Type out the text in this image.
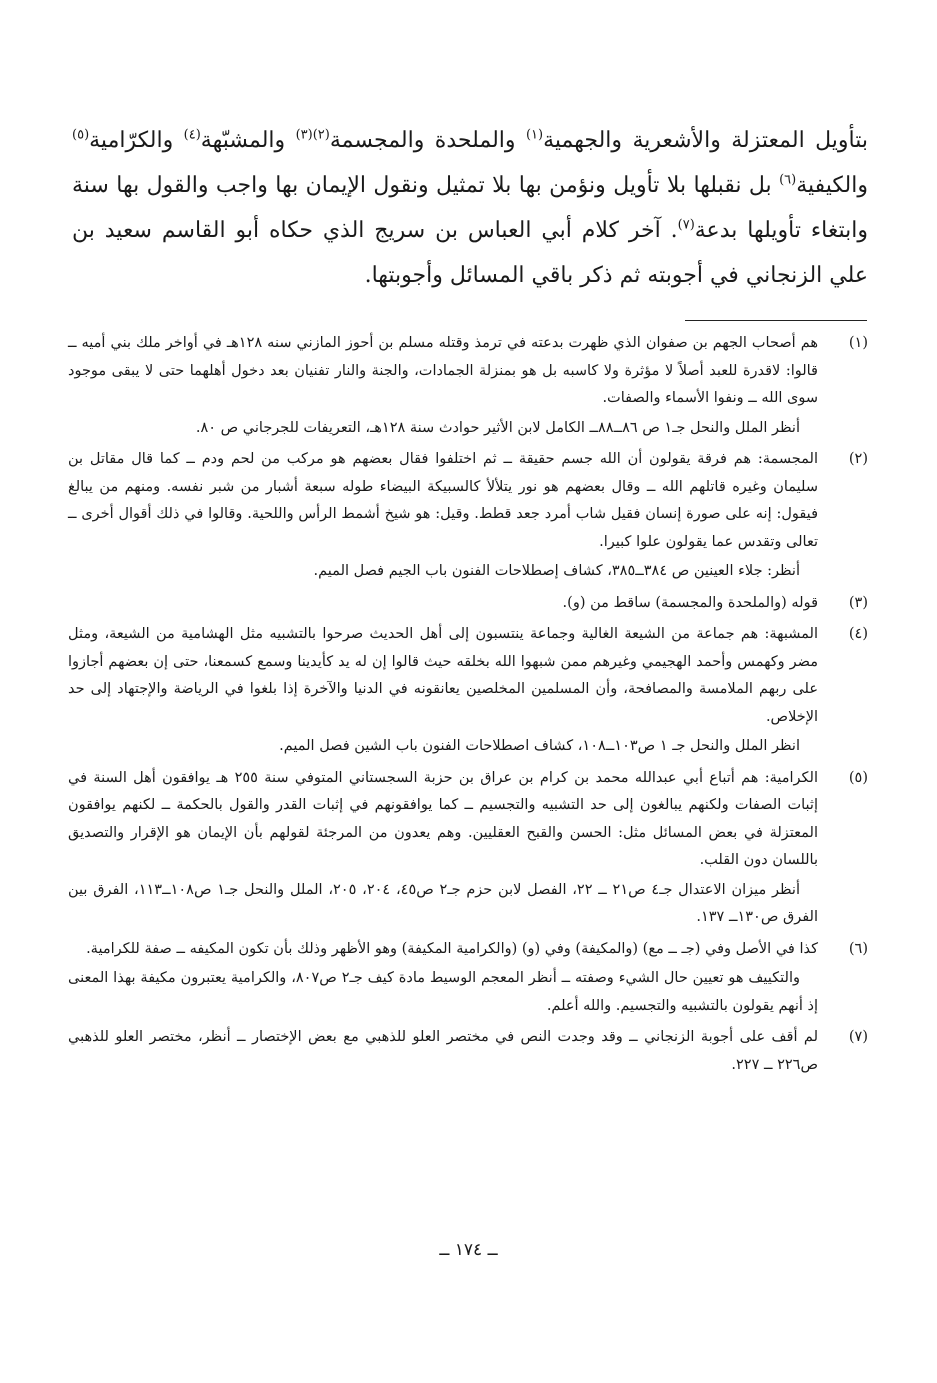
بتأويل المعتزلة والأشعرية والجهمية$^{(١)}$ والملحدة والمجسمة$^{(٢)(٣)}$ والمشبّهة$^{(٤)}$ والكرّامية$^{(٥)}$ والكيفية$^{(٦)}$ بل نقبلها بلا تأويل ونؤمن بها بلا تمثيل ونقول الإيمان بها واجب والقول بها سنة وابتغاء تأويلها بدعة$^{(٧)}$. آخر كلام أبي العباس بن سريج الذي حكاه أبو القاسم سعيد بن علي الزنجاني في أجوبته ثم ذكر باقي المسائل وأجوبتها.

(١)

هم أصحاب الجهم بن صفوان الذي ظهرت بدعته في ترمذ وقتله مسلم بن أحوز المازني سنه ١٢٨هـ في أواخر ملك بني أميه ــ قالوا: لاقدرة للعبد أصلاً لا مؤثرة ولا كاسبه بل هو بمنزلة الجمادات، والجنة والنار تفنيان بعد دخول أهلهما حتى لا يبقى موجود سوى الله ــ ونفوا الأسماء والصفات.

أنظر الملل والنحل جـ١ ص ٨٦ــ٨٨ــ الكامل لابن الأثير حوادث سنة ١٢٨هـ، التعريفات للجرجاني ص ٨٠.

(٢)

المجسمة: هم فرقة يقولون أن الله جسم حقيقة ــ ثم اختلفوا فقال بعضهم هو مركب من لحم ودم ــ كما قال مقاتل بن سليمان وغيره قاتلهم الله ــ وقال بعضهم هو نور يتلألأ كالسبيكة البيضاء طوله سبعة أشبار من شبر نفسه. ومنهم من يبالغ فيقول: إنه على صورة إنسان فقيل شاب أمرد جعد قطط. وقيل: هو شيخ أشمط الرأس واللحية. وقالوا في ذلك أقوال أخرى ــ تعالى وتقدس عما يقولون علوا كبيرا.

أنظر: جلاء العينين ص ٣٨٤ــ٣٨٥، كشاف إصطلاحات الفنون باب الجيم فصل الميم.

(٣)

قوله (والملحدة والمجسمة) ساقط من (و).

(٤)

المشبهة: هم جماعة من الشيعة الغالية وجماعة ينتسبون إلى أهل الحديث صرحوا بالتشبيه مثل الهشامية من الشيعة، ومثل مضر وكهمس وأحمد الهجيمي وغيرهم ممن شبهوا الله بخلقه حيث قالوا إن له يد كأيدينا وسمع كسمعنا، حتى إن بعضهم أجازوا على ربهم الملامسة والمصافحة، وأن المسلمين المخلصين يعانقونه في الدنيا والآخرة إذا بلغوا في الرياضة والإجتهاد إلى حد الإخلاص.

انظر الملل والنحل جـ ١ ص١٠٣ــ١٠٨، كشاف اصطلاحات الفنون باب الشين فصل الميم.

(٥)

الكرامية: هم أتباع أبي عبدالله محمد بن كرام بن عراق بن حزبة السجستاني المتوفي سنة ٢٥٥ هـ يوافقون أهل السنة في إثبات الصفات ولكنهم يبالغون إلى حد التشبيه والتجسيم ــ كما يوافقونهم في إثبات القدر والقول بالحكمة ــ لكنهم يوافقون المعتزلة في بعض المسائل مثل: الحسن والقبح العقليين. وهم يعدون من المرجئة لقولهم بأن الإيمان هو الإقرار والتصديق باللسان دون القلب.

أنظر ميزان الاعتدال جـ٤ ص٢١ ــ ٢٢، الفصل لابن حزم جـ٢ ص٤٥، ٢٠٤، ٢٠٥، الملل والنحل جـ١ ص١٠٨ــ١١٣، الفرق بين الفرق ص١٣٠ــ ١٣٧.

(٦)

كذا في الأصل وفي (جـ ــ مع) (والمكيفة) وفي (و) (والكرامية المكيفة) وهو الأظهر وذلك بأن تكون المكيفه ــ صفة للكرامية.

والتكييف هو تعيين حال الشيء وصفته ــ أنظر المعجم الوسيط مادة كيف جـ٢ ص٨٠٧، والكرامية يعتبرون مكيفة بهذا المعنى إذ أنهم يقولون بالتشبيه والتجسيم. والله أعلم.

(٧)

لم أقف على أجوبة الزنجاني ــ وقد وجدت النص في مختصر العلو للذهبي مع بعض الإختصار ــ أنظر، مختصر العلو للذهبي ص٢٢٦ ــ ٢٢٧.

ــ ١٧٤ ــ
